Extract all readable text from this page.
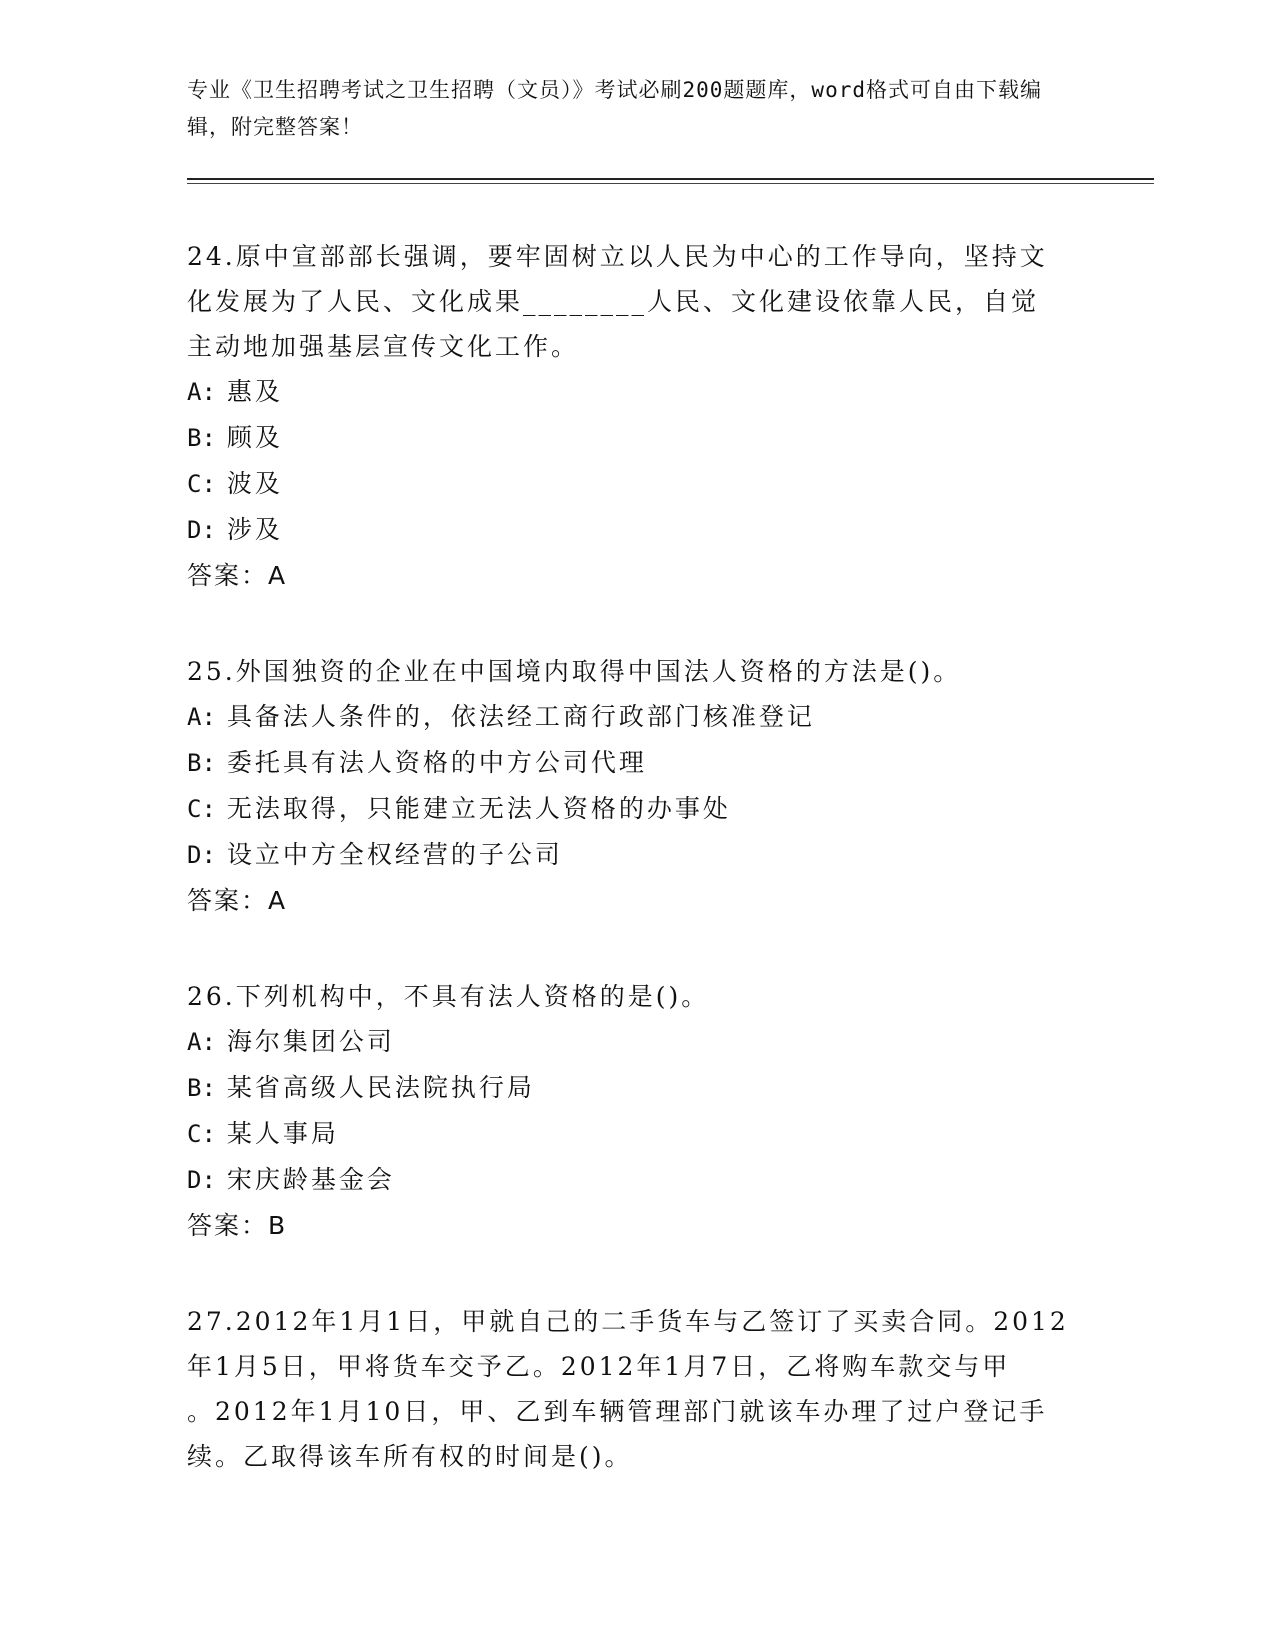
专业《卫生招聘考试之卫生招聘（文员）》考试必刷200题题库，word格式可自由下载编辑，附完整答案！

24.原中宣部部长强调，要牢固树立以人民为中心的工作导向，坚持文

化发展为了人民、文化成果________人民、文化建设依靠人民，自觉

主动地加强基层宣传文化工作。

A: 惠及

B: 顾及

C: 波及

D: 涉及

答案：A

25.外国独资的企业在中国境内取得中国法人资格的方法是()。

A: 具备法人条件的，依法经工商行政部门核准登记

B: 委托具有法人资格的中方公司代理

C: 无法取得，只能建立无法人资格的办事处

D: 设立中方全权经营的子公司

答案：A

26.下列机构中，不具有法人资格的是()。

A: 海尔集团公司

B: 某省高级人民法院执行局

C: 某人事局

D: 宋庆龄基金会

答案：B

27.2012年1月1日，甲就自己的二手货车与乙签订了买卖合同。2012

年1月5日，甲将货车交予乙。2012年1月7日，乙将购车款交与甲

。2012年1月10日，甲、乙到车辆管理部门就该车办理了过户登记手

续。乙取得该车所有权的时间是()。
